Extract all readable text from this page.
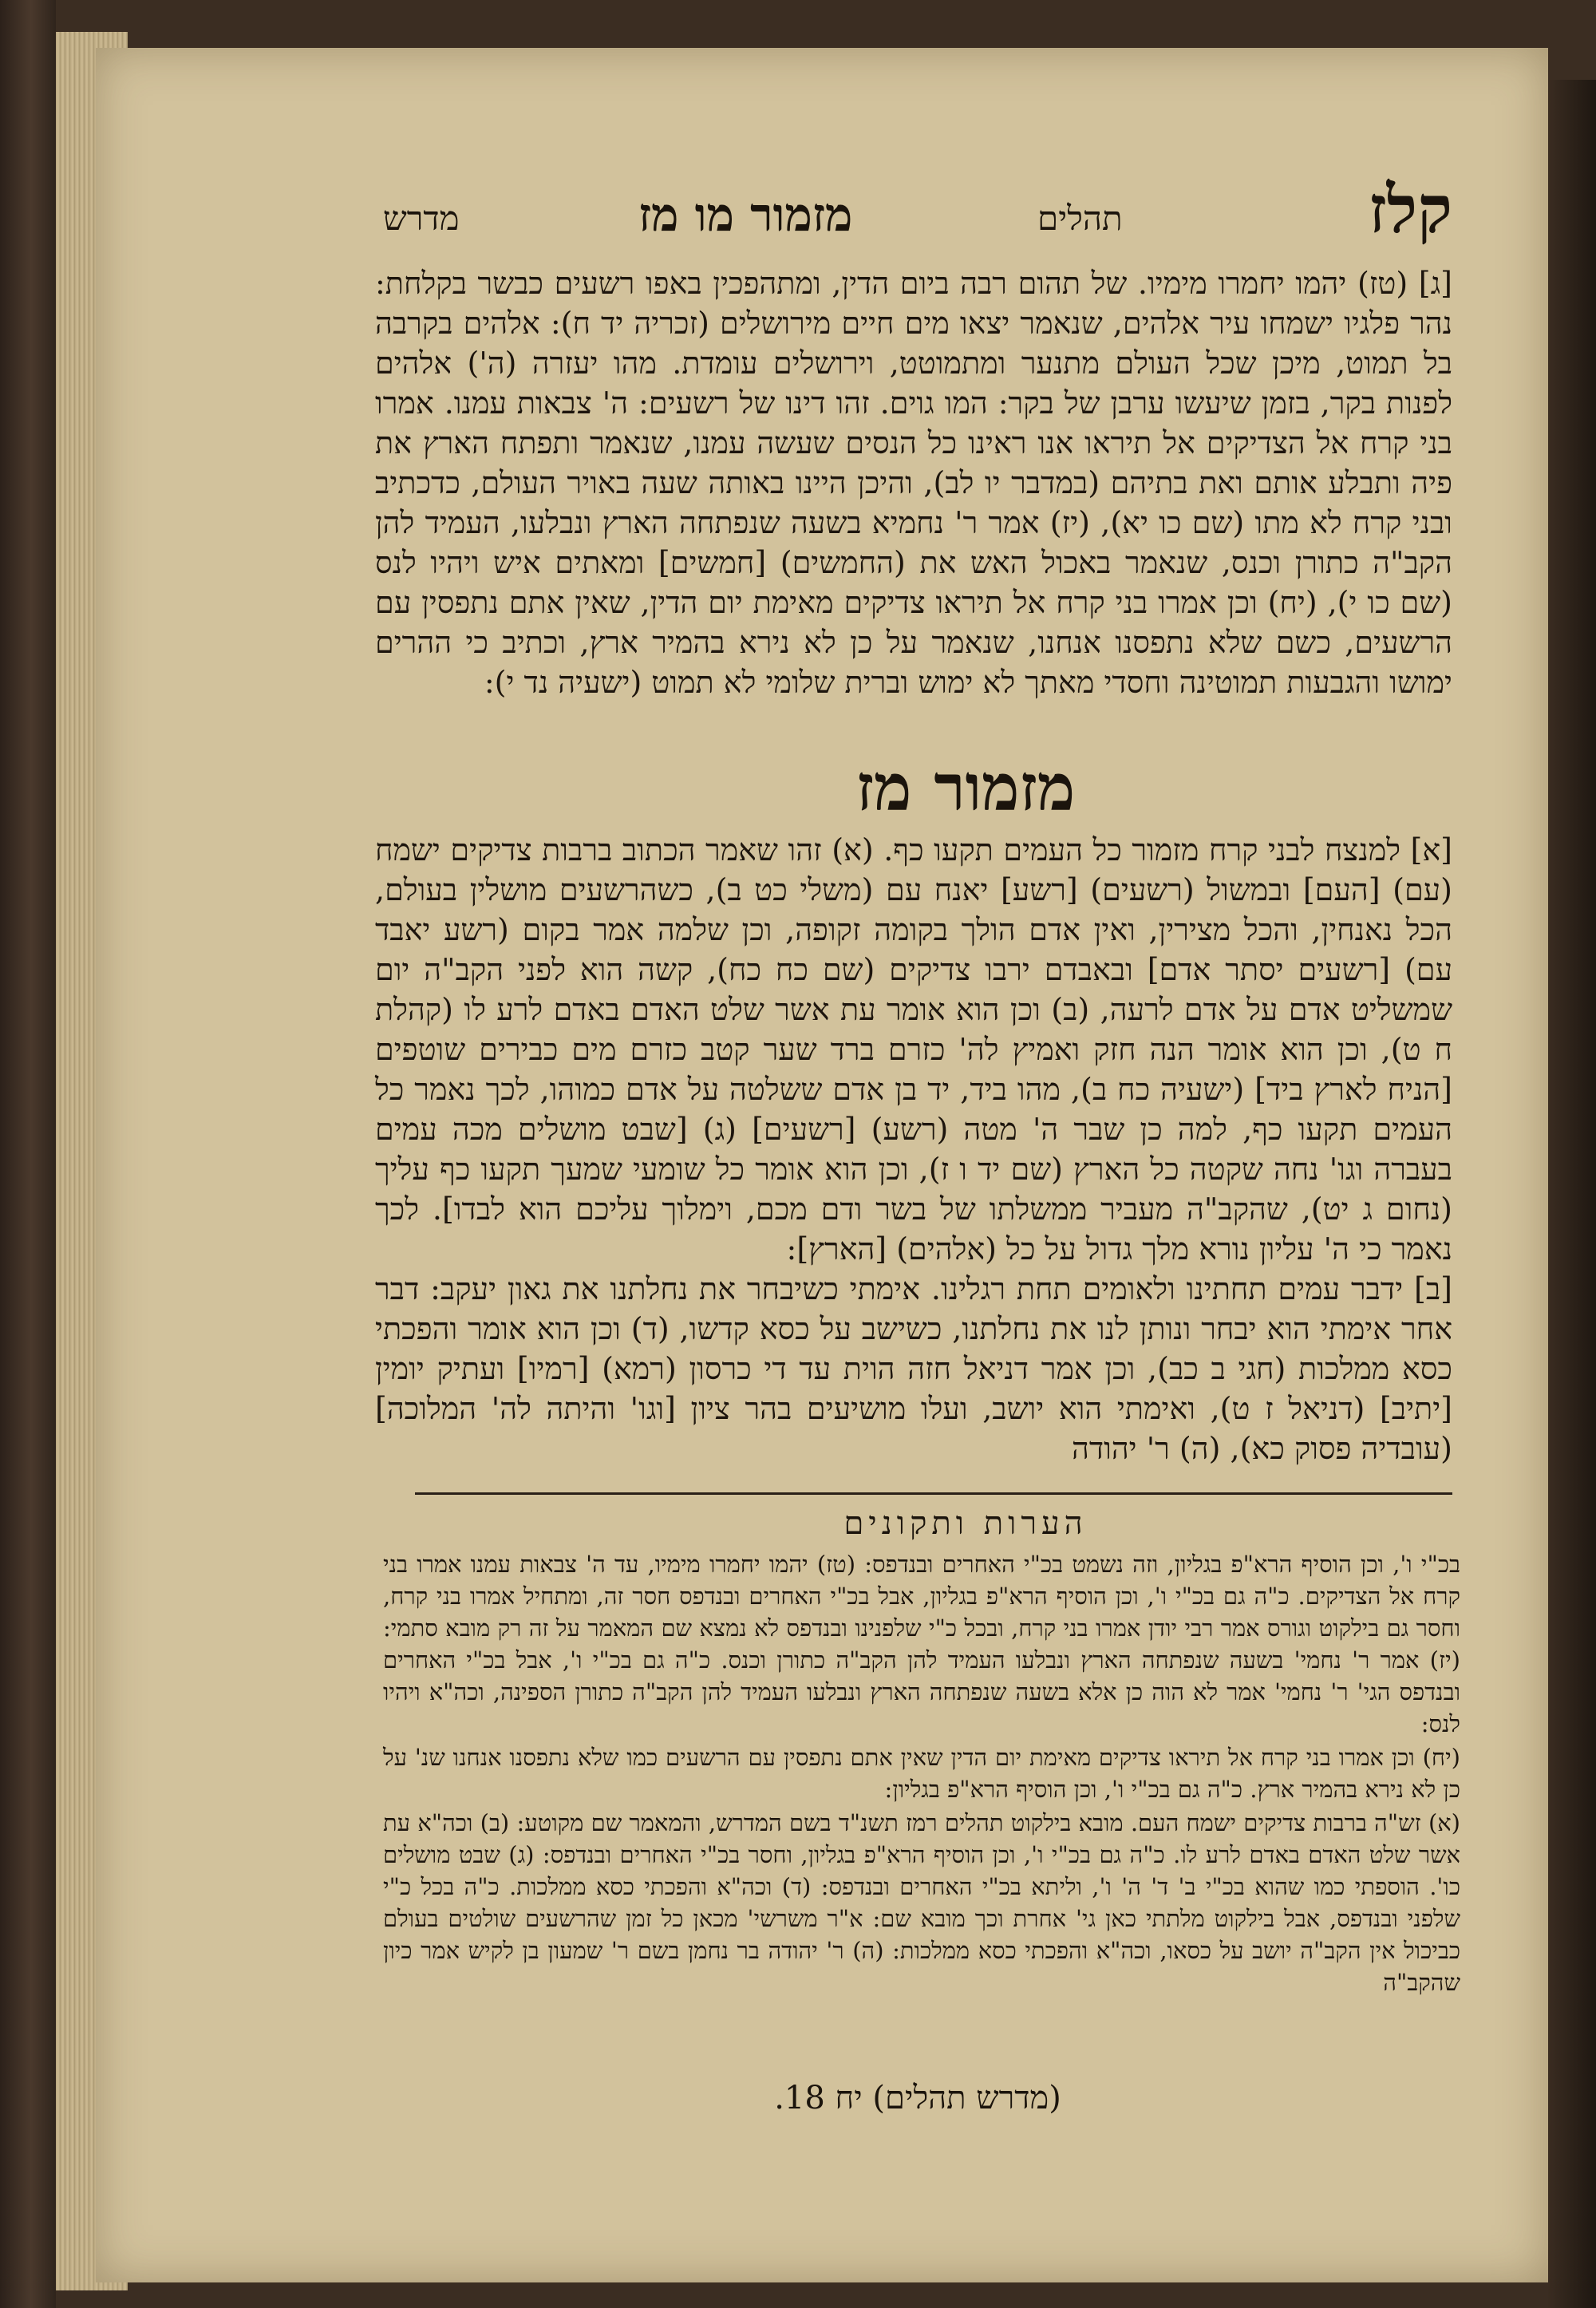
מדרש	מזמור מו מז	תהלים	קלז

[ג] (טז) יהמו יחמרו מימיו. של תהום רבה ביום הדין, ומתהפכין באפו רשעים כבשר בקלחת: נהר פלגיו ישמחו עיר אלהים, שנאמר יצאו מים חיים מירושלים (זכריה יד ח): אלהים בקרבה בל תמוט, מיכן שכל העולם מתנער ומתמוטט, וירושלים עומדת. מהו יעזרה (ה') אלהים לפנות בקר, בזמן שיעשו ערבן של בקר: המו גוים. זהו דינו של רשעים: ה' צבאות עמנו. אמרו בני קרח אל הצדיקים אל תיראו אנו ראינו כל הנסים שעשה עמנו, שנאמר ותפתח הארץ את פיה ותבלע אותם ואת בתיהם (במדבר יו לב), והיכן היינו באותה שעה באויר העולם, כדכתיב ובני קרח לא מתו (שם כו יא), (יז) אמר ר' נחמיא בשעה שנפתחה הארץ ונבלעו, העמיד להן הקב"ה כתורן וכנס, שנאמר באכול האש את (החמשים) [חמשים] ומאתים איש ויהיו לנס (שם כו י), (יח) וכן אמרו בני קרח אל תיראו צדיקים מאימת יום הדין, שאין אתם נתפסין עם הרשעים, כשם שלא נתפסנו אנחנו, שנאמר על כן לא נירא בהמיר ארץ, וכתיב כי ההרים ימושו והגבעות תמוטינה וחסדי מאתך לא ימוש וברית שלומי לא תמוט (ישעיה נד י):

מזמור מז

[א] למנצח לבני קרח מזמור כל העמים תקעו כף. (א) זהו שאמר הכתוב ברבות צדיקים ישמח (עם) [העם] ובמשול (רשעים) [רשע] יאנח עם (משלי כט ב), כשהרשעים מושלין בעולם, הכל נאנחין, והכל מצירין, ואין אדם הולך בקומה זקופה, וכן שלמה אמר בקום (רשע יאבד עם) [רשעים יסתר אדם] ובאבדם ירבו צדיקים (שם כח כח), קשה הוא לפני הקב"ה יום שמשליט אדם על אדם לרעה, (ב) וכן הוא אומר עת אשר שלט האדם באדם לרע לו (קהלת ח ט), וכן הוא אומר הנה חזק ואמיץ לה' כזרם ברד שער קטב כזרם מים כבירים שוטפים [הניח לארץ ביד] (ישעיה כח ב), מהו ביד, יד בן אדם ששלטה על אדם כמוהו, לכך נאמר כל העמים תקעו כף, למה כן שבר ה' מטה (רשע) [רשעים] (ג) [שבט מושלים מכה עמים בעברה וגו' נחה שקטה כל הארץ (שם יד ו ז), וכן הוא אומר כל שומעי שמעך תקעו כף עליך (נחום ג יט), שהקב"ה מעביר ממשלתו של בשר ודם מכם, וימלוך עליכם הוא לבדו]. לכך נאמר כי ה' עליון נורא מלך גדול על כל (אלהים) [הארץ]:

[ב] ידבר עמים תחתינו ולאומים תחת רגלינו. אימתי כשיבחר את נחלתנו את גאון יעקב: דבר אחר אימתי הוא יבחר ונותן לנו את נחלתנו, כשישב על כסא קדשו, (ד) וכן הוא אומר והפכתי כסא ממלכות (חגי ב כב), וכן אמר דניאל חזה הוית עד די כרסון (רמא) [רמיו] ועתיק יומין [יתיב] (דניאל ז ט), ואימתי הוא יושב, ועלו מושיעים בהר ציון [וגו' והיתה לה' המלוכה] (עובדיה פסוק כא), (ה) ר' יהודה

הערות ותקונים

בכ"י ו', וכן הוסיף הרא"פ בגליון, וזה נשמט בכ"י האחרים ובנדפס: (טז) יהמו יחמרו מימיו, עד ה' צבאות עמנו אמרו בני קרח אל הצדיקים. כ"ה גם בכ"י ו', וכן הוסיף הרא"פ בגליון, אבל בכ"י האחרים ובנדפס חסר זה, ומתחיל אמרו בני קרח, וחסר גם בילקוט וגורס אמר רבי יודן אמרו בני קרח, ובכל כ"י שלפנינו ובנדפס לא נמצא שם המאמר על זה רק מובא סתמי: (יז) אמר ר' נחמי' בשעה שנפתחה הארץ ונבלעו העמיד להן הקב"ה כתורן וכנס. כ"ה גם בכ"י ו', אבל בכ"י האחרים ובנדפס הגי' ר' נחמי' אמר לא הוה כן אלא בשעה שנפתחה הארץ ונבלעו העמיד להן הקב"ה כתורן הספינה, וכה"א ויהיו לנס:

(יח) וכן אמרו בני קרח אל תיראו צדיקים מאימת יום הדין שאין אתם נתפסין עם הרשעים כמו שלא נתפסנו אנחנו שנ' על כן לא נירא בהמיר ארץ. כ"ה גם בכ"י ו', וכן הוסיף הרא"פ בגליון:

(א) זש"ה ברבות צדיקים ישמח העם. מובא בילקוט תהלים רמז תשנ"ד בשם המדרש, והמאמר שם מקוטע: (ב) וכה"א עת אשר שלט האדם באדם לרע לו. כ"ה גם בכ"י ו', וכן הוסיף הרא"פ בגליון, וחסר בכ"י האחרים ובנדפס: (ג) שבט מושלים כו'. הוספתי כמו שהוא בכ"י ב' ד' ה' ו', וליתא בכ"י האחרים ובנדפס: (ד) וכה"א והפכתי כסא ממלכות. כ"ה בכל כ"י שלפני ובנדפס, אבל בילקוט מלתתי כאן גי' אחרת וכך מובא שם: א"ר משרשי' מכאן כל זמן שהרשעים שולטים בעולם כביכול אין הקב"ה יושב על כסאו, וכה"א והפכתי כסא ממלכות: (ה) ר' יהודה בר נחמן בשם ר' שמעון בן לקיש אמר כיון שהקב"ה

(מדרש תהלים) יח 18.
